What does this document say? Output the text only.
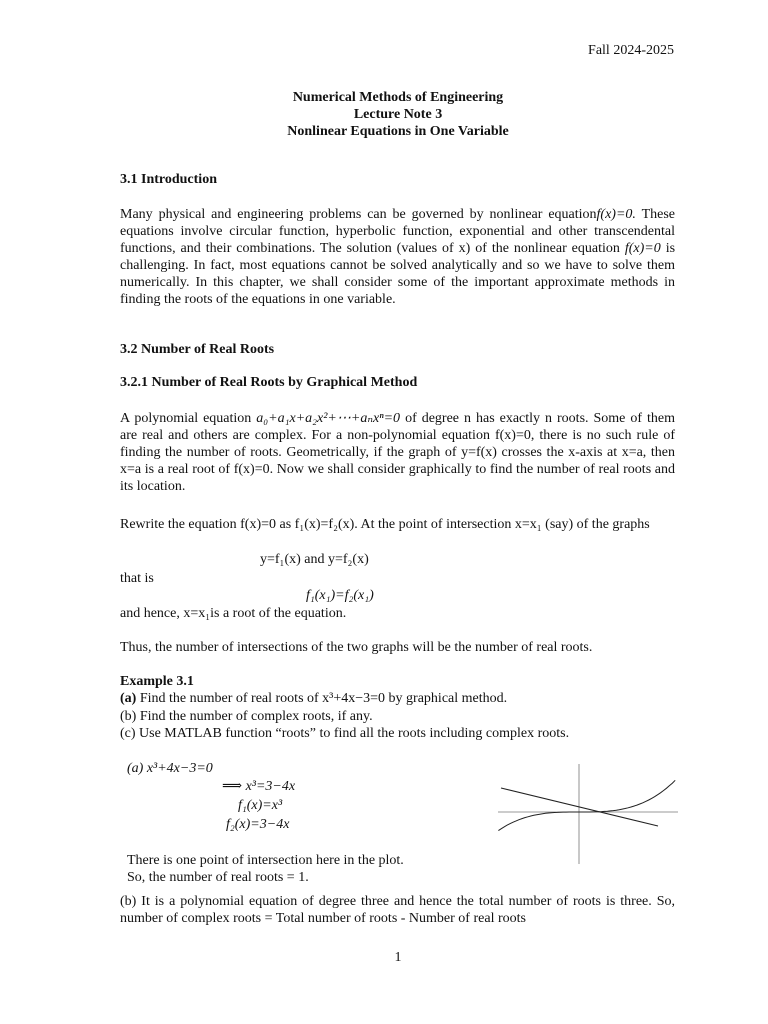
Fall 2024-2025
Numerical Methods of Engineering
Lecture Note 3
Nonlinear Equations in One Variable
3.1 Introduction
Many physical and engineering problems can be governed by nonlinear equationf(x)=0. These equations involve circular function, hyperbolic function, exponential and other transcendental functions, and their combinations. The solution (values of x) of the nonlinear equation f(x)=0 is challenging. In fact, most equations cannot be solved analytically and so we have to solve them numerically. In this chapter, we shall consider some of the important approximate methods in finding the roots of the equations in one variable.
3.2 Number of Real Roots
3.2.1 Number of Real Roots by Graphical Method
A polynomial equation a₀+a₁x+a₂x²+⋯+aₙxⁿ=0 of degree n has exactly n roots. Some of them are real and others are complex. For a non-polynomial equation f(x)=0, there is no such rule of finding the number of roots. Geometrically, if the graph of y=f(x) crosses the x-axis at x=a, then x=a is a real root of f(x)=0. Now we shall consider graphically to find the number of real roots and its location.
Rewrite the equation f(x)=0 as f₁(x)=f₂(x). At the point of intersection x=x₁ (say) of the graphs
y=f₁(x) and y=f₂(x)
that is
f₁(x₁)=f₂(x₁)
and hence, x=x₁is a root of the equation.
Thus, the number of intersections of the two graphs will be the number of real roots.
Example 3.1
(a) Find the number of real roots of x³+4x−3=0 by graphical method.
(b) Find the number of complex roots, if any.
(c) Use MATLAB function “roots” to find all the roots including complex roots.
(a) x³+4x−3=0
⟹ x³=3−4x
f₁(x)=x³
f₂(x)=3−4x
There is one point of intersection here in the plot. So, the number of real roots = 1.
(b) It is a polynomial equation of degree three and hence the total number of roots is three. So, number of complex roots = Total number of roots - Number of real roots
1
